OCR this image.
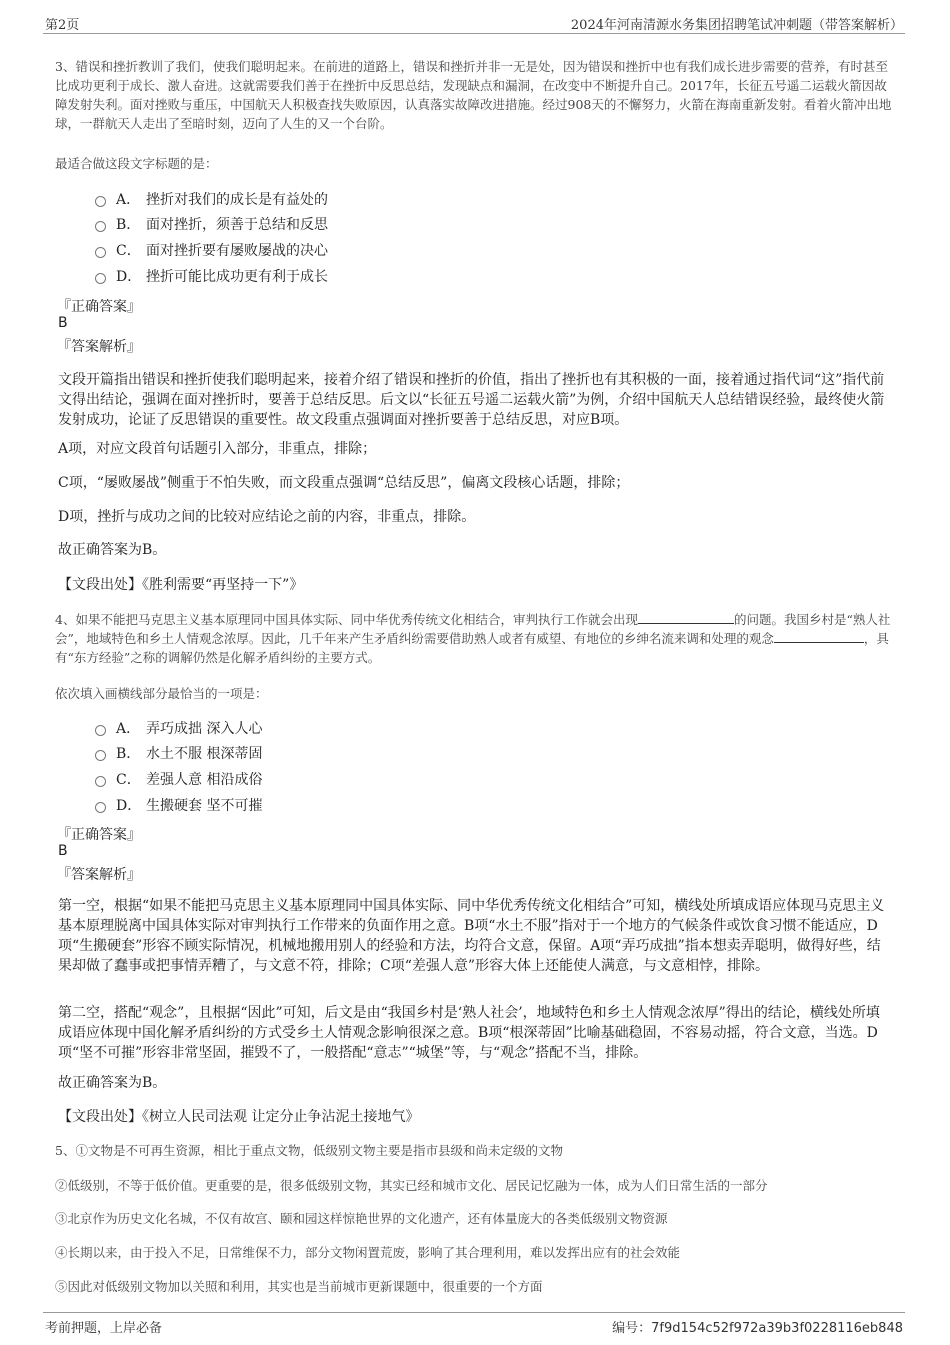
第2页	2024年河南清源水务集团招聘笔试冲刺题（带答案解析）
3、错误和挫折教训了我们，使我们聪明起来。在前进的道路上，错误和挫折并非一无是处，因为错误和挫折中也有我们成长进步需要的营养，有时甚至比成功更利于成长、激人奋进。这就需要我们善于在挫折中反思总结，发现缺点和漏洞，在改变中不断提升自己。2017年，长征五号遥二运载火箭因故障发射失利。面对挫败与重压，中国航天人积极查找失败原因，认真落实故障改进措施。经过908天的不懈努力，火箭在海南重新发射。看着火箭冲出地球，一群航天人走出了至暗时刻，迈向了人生的又一个台阶。
最适合做这段文字标题的是：
A． 挫折对我们的成长是有益处的
B． 面对挫折，须善于总结和反思
C． 面对挫折要有屡败屡战的决心
D． 挫折可能比成功更有利于成长
『正确答案』
B
『答案解析』
文段开篇指出错误和挫折使我们聪明起来，接着介绍了错误和挫折的价值，指出了挫折也有其积极的一面，接着通过指代词“这”指代前文得出结论，强调在面对挫折时，要善于总结反思。后文以“长征五号遥二运载火箭”为例，介绍中国航天人总结错误经验，最终使火箭发射成功，论证了反思错误的重要性。故文段重点强调面对挫折要善于总结反思，对应B项。
A项，对应文段首句话题引入部分，非重点，排除；
C项，“屡败屡战”侧重于不怕失败，而文段重点强调“总结反思”，偏离文段核心话题，排除；
D项，挫折与成功之间的比较对应结论之前的内容，非重点，排除。
故正确答案为B。
【文段出处】《胜利需要“再坚持一下”》
4、如果不能把马克思主义基本原理同中国具体实际、同中华优秀传统文化相结合，审判执行工作就会出现	的问题。我国乡村是“熟人社会”，地域特色和乡土人情观念浓厚。因此，几千年来产生矛盾纠纷需要借助熟人或者有威望、有地位的乡绅名流来调和处理的观念	，具有“东方经验”之称的调解仍然是化解矛盾纠纷的主要方式。
依次填入画横线部分最恰当的一项是：
A． 弄巧成拙 深入人心
B． 水土不服 根深蒂固
C． 差强人意 相沿成俗
D． 生搬硬套 坚不可摧
『正确答案』
B
『答案解析』
第一空，根据“如果不能把马克思主义基本原理同中国具体实际、同中华优秀传统文化相结合”可知，横线处所填成语应体现马克思主义基本原理脱离中国具体实际对审判执行工作带来的负面作用之意。B项“水土不服”指对于一个地方的气候条件或饮食习惯不能适应，D项“生搬硬套”形容不顾实际情况，机械地搬用别人的经验和方法，均符合文意，保留。A项“弄巧成拙”指本想卖弄聪明，做得好些，结果却做了蠢事或把事情弄糟了，与文意不符，排除；C项“差强人意”形容大体上还能使人满意，与文意相悖，排除。
第二空，搭配“观念”，且根据“因此”可知，后文是由“我国乡村是‘熟人社会’，地域特色和乡土人情观念浓厚”得出的结论，横线处所填成语应体现中国化解矛盾纠纷的方式受乡土人情观念影响很深之意。B项“根深蒂固”比喻基础稳固，不容易动摇，符合文意，当选。D项“坚不可摧”形容非常坚固，摧毁不了，一般搭配“意志”“城堡”等，与“观念”搭配不当，排除。
故正确答案为B。
【文段出处】《树立人民司法观 让定分止争沾泥土接地气》
5、①文物是不可再生资源，相比于重点文物，低级别文物主要是指市县级和尚未定级的文物
②低级别，不等于低价值。更重要的是，很多低级别文物，其实已经和城市文化、居民记忆融为一体，成为人们日常生活的一部分
③北京作为历史文化名城，不仅有故宫、颐和园这样惊艳世界的文化遗产，还有体量庞大的各类低级别文物资源
④长期以来，由于投入不足，日常维保不力，部分文物闲置荒废，影响了其合理利用，难以发挥出应有的社会效能
⑤因此对低级别文物加以关照和利用，其实也是当前城市更新课题中，很重要的一个方面
考前押题，上岸必备	编号：7f9d154c52f972a39b3f0228116eb848
